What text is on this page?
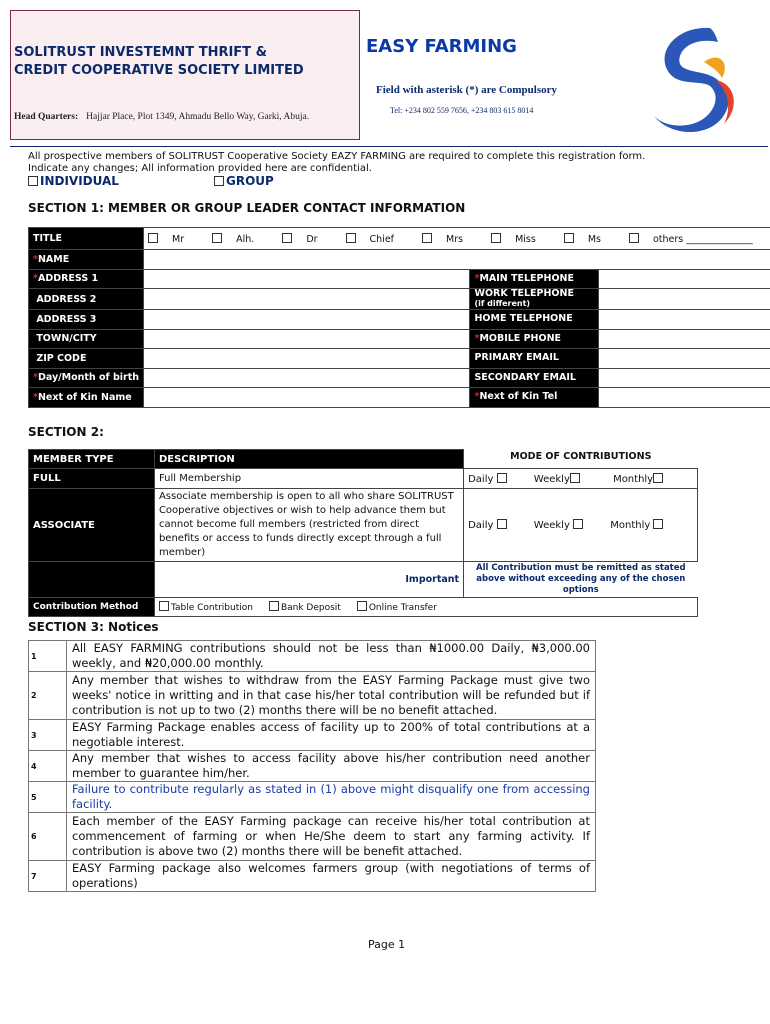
SOLITRUST INVESTEMNT THRIFT &
CREDIT COOPERATIVE SOCIETY LIMITED
Head Quarters: Hajjar Place, Plot 1349, Ahmadu Bello Way, Garki, Abuja.
EASY FARMING
Field with asterisk (*) are Compulsory
Tel: +234 802 559 7656, +234 803 615 8014
All prospective members of SOLITRUST Cooperative Society EAZY FARMING are required to complete this registration form. Indicate any changes; All information provided here are confidential.
INDIVIDUAL	GROUP
SECTION 1: MEMBER OR GROUP LEADER CONTACT INFORMATION
TITLE	Mr Alh. Dr Chief Mrs Miss Ms others ______________		
*NAME			
*ADDRESS 1		*MAIN TELEPHONE	
ADDRESS 2		WORK TELEPHONE
(if different)	
ADDRESS 3		HOME TELEPHONE	
TOWN/CITY		*MOBILE PHONE	
ZIP CODE		PRIMARY EMAIL	
*Day/Month of birth		SECONDARY EMAIL	
*Next of Kin Name		*Next of Kin Tel	
SECTION 2:
MEMBER TYPE	DESCRIPTION	MODE OF CONTRIBUTIONS
FULL	Full Membership	Daily Weekly Monthly
ASSOCIATE	Associate membership is open to all who share SOLITRUST Cooperative objectives or wish to help advance them but cannot become full members (restricted from direct benefits or access to funds directly except through a full member)	Daily Weekly Monthly
	Important	All Contribution must be remitted as stated above without exceeding any of the chosen options
Contribution Method	Table Contribution Bank Deposit Online Transfer	
SECTION 3: Notices
1	All EASY FARMING contributions should not be less than ₦1000.00 Daily, ₦3,000.00 weekly, and ₦20,000.00 monthly.
2	Any member that wishes to withdraw from the EASY Farming Package must give two weeks' notice in writting and in that case his/her total contribution will be refunded but if contribution is not up to two (2) months there will be no benefit attached.
3	EASY Farming Package enables access of facility up to 200% of total contributions at a negotiable interest.
4	Any member that wishes to access facility above his/her contribution need another member to guarantee him/her.
5	Failure to contribute regularly as stated in (1) above might disqualify one from accessing facility.
6	Each member of the EASY Farming package can receive his/her total contribution at commencement of farming or when He/She deem to start any farming activity. If contribution is above two (2) months there will be benefit attached.
7	EASY Farming package also welcomes farmers group (with negotiations of terms of operations)
Page 1
